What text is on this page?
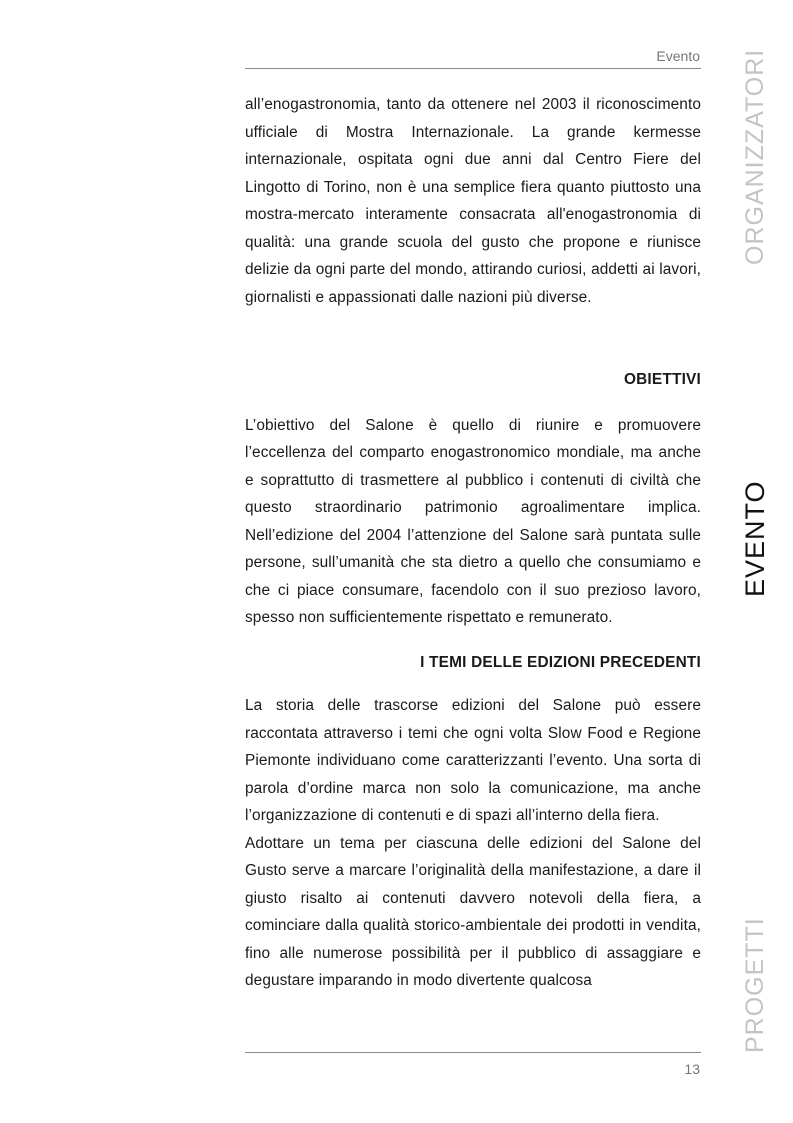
Evento

all’enogastronomia, tanto da ottenere nel 2003 il riconoscimento ufficiale di Mostra Internazionale. La grande kermesse internazionale, ospitata ogni due anni dal Centro Fiere del Lingotto di Torino, non è una semplice fiera quanto piuttosto una mostra-mercato interamente consacrata all'enogastronomia di qualità: una grande scuola del gusto che propone e riunisce delizie da ogni parte del mondo, attirando curiosi, addetti ai lavori, giornalisti e appassionati dalle nazioni più diverse.

OBIETTIVI

L’obiettivo del Salone è quello di riunire e promuovere l’eccellenza del comparto enogastronomico mondiale, ma anche e soprattutto di trasmettere al pubblico i contenuti di civiltà che questo straordinario patrimonio agroalimentare implica. Nell’edizione del 2004 l’attenzione del Salone sarà puntata sulle persone, sull’umanità che sta dietro a quello che consumiamo e che ci piace consumare, facendolo con il suo prezioso lavoro, spesso non sufficientemente rispettato e remunerato.

I TEMI DELLE EDIZIONI PRECEDENTI

La storia delle trascorse edizioni del Salone può essere raccontata attraverso i temi che ogni volta Slow Food e Regione Piemonte individuano come caratterizzanti l’evento. Una sorta di parola d’ordine marca non solo la comunicazione, ma anche l’organizzazione di contenuti e di spazi all’interno della fiera.

Adottare un tema per ciascuna delle edizioni del Salone del Gusto serve a marcare l’originalità della manifestazione, a dare il giusto risalto ai contenuti davvero notevoli della fiera, a cominciare dalla qualità storico-ambientale dei prodotti in vendita, fino alle numerose possibilità per il pubblico di assaggiare e degustare imparando in modo divertente qualcosa

13
ORGANIZZATORI
EVENTO
PROGETTI
